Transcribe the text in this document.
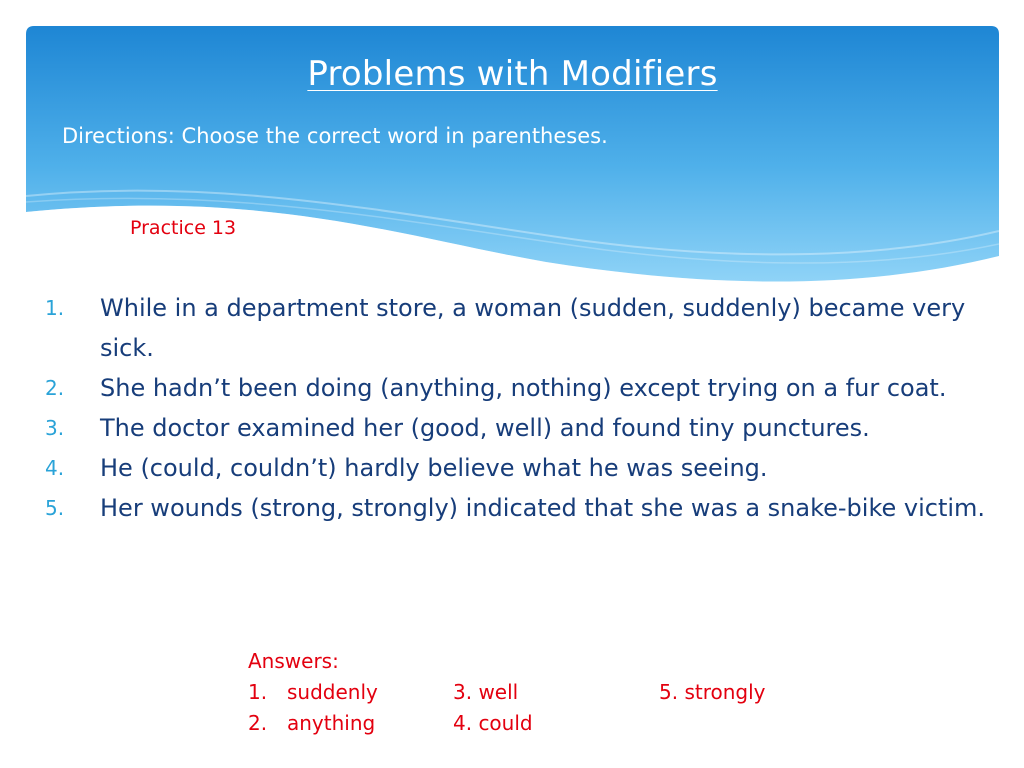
Problems with Modifiers
Directions: Choose the correct word in parentheses.
Practice 13
1. While in a department store, a woman (sudden, suddenly) became very sick.
2. She hadn’t been doing (anything, nothing) except trying on a fur coat.
3. The doctor examined her (good, well) and found tiny punctures.
4. He (could, couldn’t) hardly believe what he was seeing.
5. Her wounds (strong, strongly) indicated that she was a snake-bike victim.
Answers:
1. suddenly	3. well	5. strongly
2. anything	4. could
